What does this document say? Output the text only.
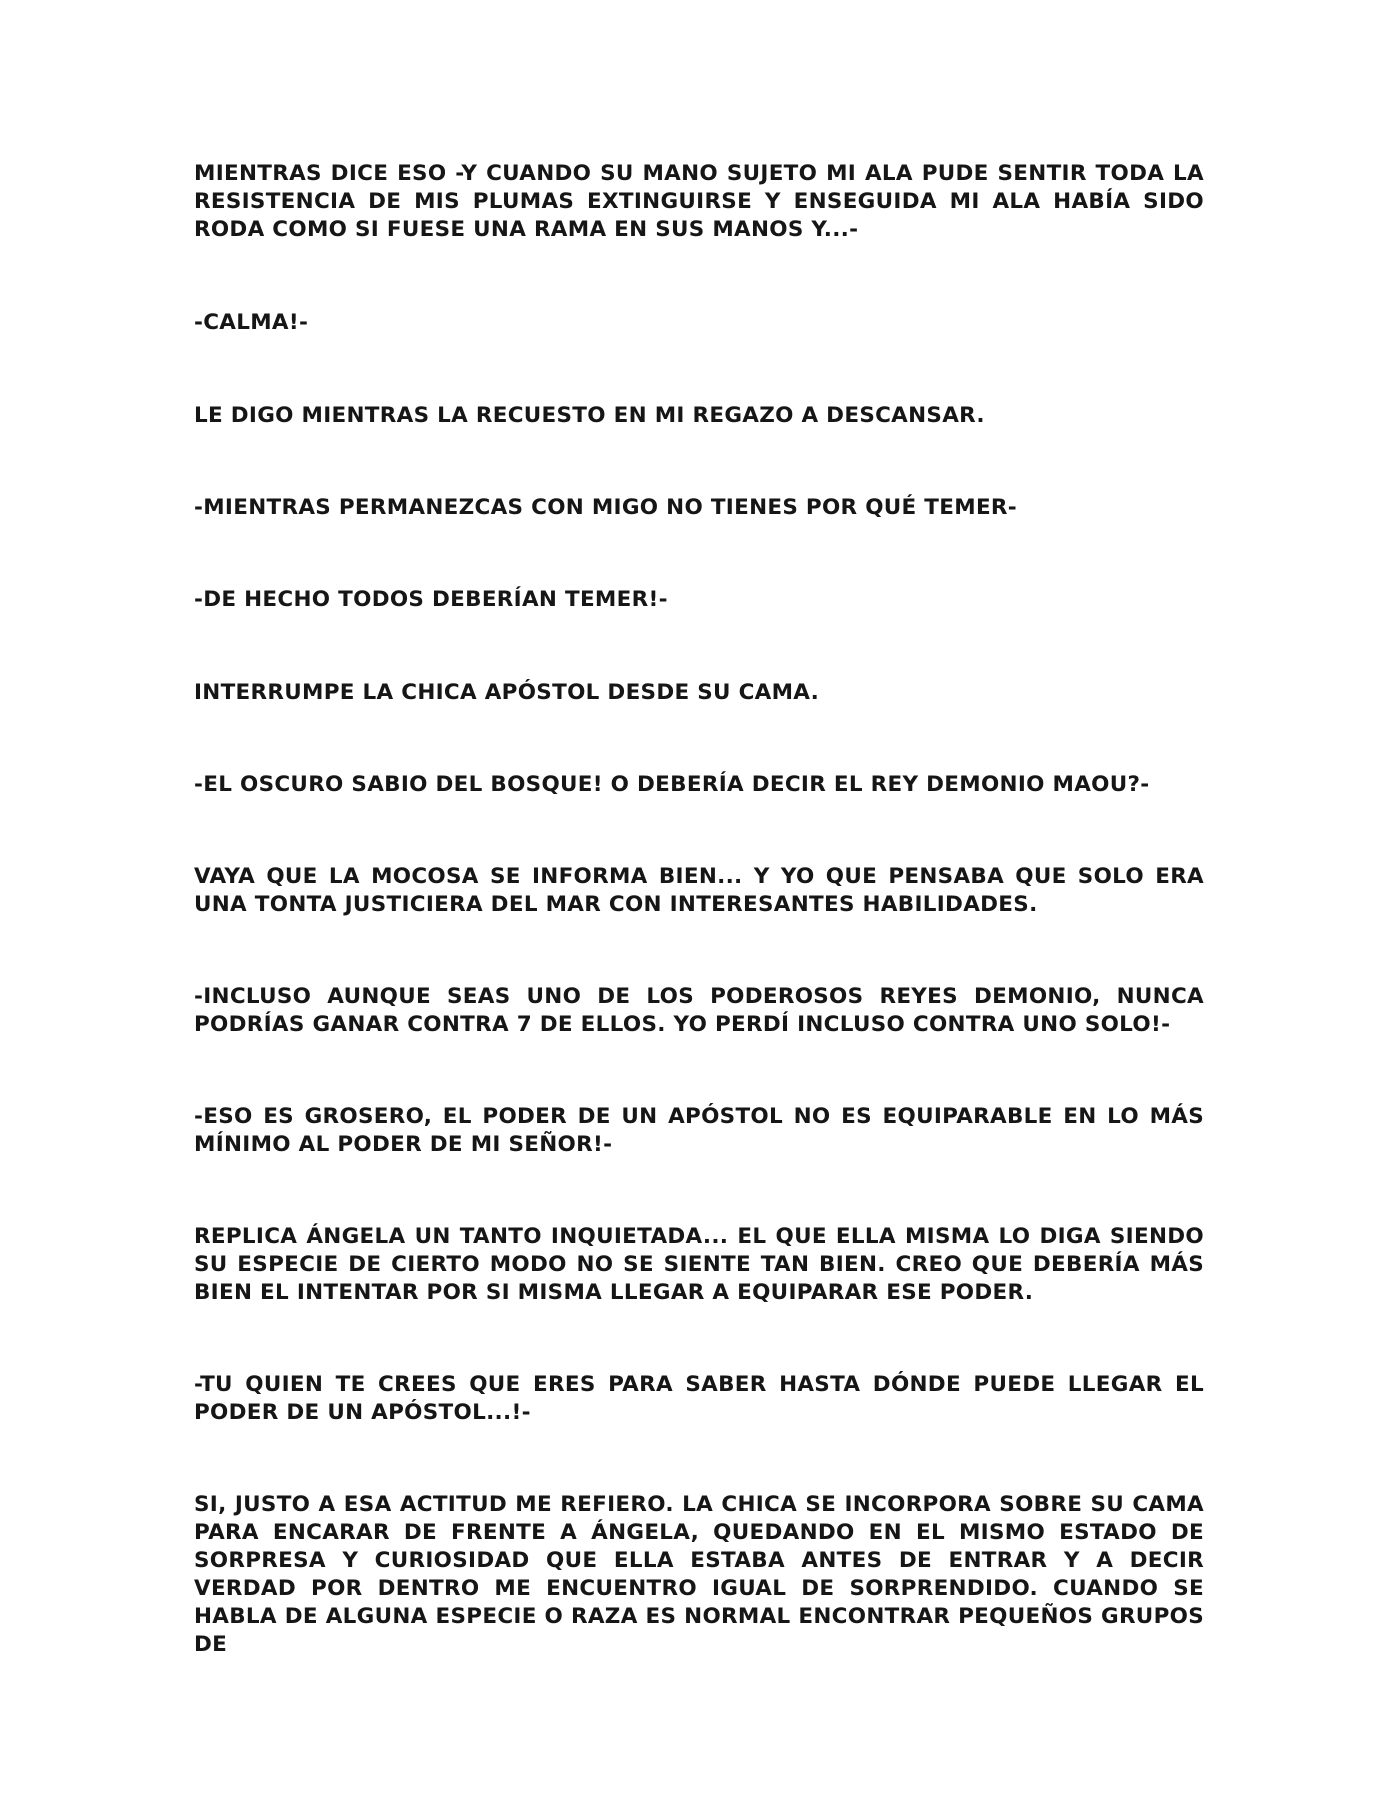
MIENTRAS DICE ESO -Y CUANDO SU MANO SUJETO MI ALA PUDE SENTIR TODA LA RESISTENCIA DE MIS PLUMAS EXTINGUIRSE Y ENSEGUIDA MI ALA HABÍA SIDO RODA COMO SI FUESE UNA RAMA EN SUS MANOS Y...-

-CALMA!-

LE DIGO MIENTRAS LA RECUESTO EN MI REGAZO A DESCANSAR.

-MIENTRAS PERMANEZCAS CON MIGO NO TIENES POR QUÉ TEMER-

-DE HECHO TODOS DEBERÍAN TEMER!-

INTERRUMPE LA CHICA APÓSTOL DESDE SU CAMA.

-EL OSCURO SABIO DEL BOSQUE! O DEBERÍA DECIR EL REY DEMONIO MAOU?-

VAYA QUE LA MOCOSA SE INFORMA BIEN... Y YO QUE PENSABA QUE SOLO ERA UNA TONTA JUSTICIERA DEL MAR CON INTERESANTES HABILIDADES.

-INCLUSO AUNQUE SEAS UNO DE LOS PODEROSOS REYES DEMONIO, NUNCA PODRÍAS GANAR CONTRA 7 DE ELLOS. YO PERDÍ INCLUSO CONTRA UNO SOLO!-

-ESO ES GROSERO, EL PODER DE UN APÓSTOL NO ES EQUIPARABLE EN LO MÁS MÍNIMO AL PODER DE MI SEÑOR!-

REPLICA ÁNGELA UN TANTO INQUIETADA... EL QUE ELLA MISMA LO DIGA SIENDO SU ESPECIE DE CIERTO MODO NO SE SIENTE TAN BIEN. CREO QUE DEBERÍA MÁS BIEN EL INTENTAR POR SI MISMA LLEGAR A EQUIPARAR ESE PODER.

-TU QUIEN TE CREES QUE ERES PARA SABER HASTA DÓNDE PUEDE LLEGAR EL PODER DE UN APÓSTOL...!-

SI, JUSTO A ESA ACTITUD ME REFIERO. LA CHICA SE INCORPORA SOBRE SU CAMA PARA ENCARAR DE FRENTE A ÁNGELA, QUEDANDO EN EL MISMO ESTADO DE SORPRESA Y CURIOSIDAD QUE ELLA ESTABA ANTES DE ENTRAR Y A DECIR VERDAD POR DENTRO ME ENCUENTRO IGUAL DE SORPRENDIDO. CUANDO SE HABLA DE ALGUNA ESPECIE O RAZA ES NORMAL ENCONTRAR PEQUEÑOS GRUPOS DE
